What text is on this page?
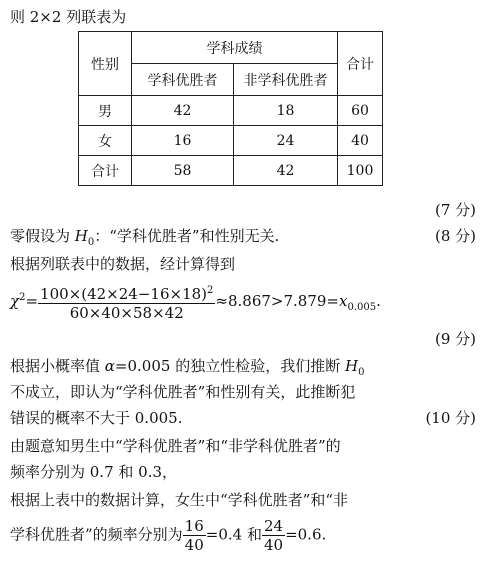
则 2×2 列联表为
性别	学科成绩		合计
	学科优胜者	非学科优胜者	
男	42	18	60
女	16	24	40
合计	58	42	100
(7 分)
零假设为 $H_0$：“学科优胜者”和性别无关.	(8 分)
根据列联表中的数据，经计算得到
$\chi^2= \frac{100\times(42\times 24-16\times 18)^2}{60\times 40\times 58\times 42} \approx 8.867>7.879=x_{0.005}$.
(9 分)
根据小概率值 α=0.005 的独立性检验，我们推断 $H_0$
不成立，即认为“学科优胜者”和性别有关，此推断犯
错误的概率不大于 0.005.	(10 分)
由题意知男生中“学科优胜者”和“非学科优胜者”的
频率分别为 0.7 和 0.3，
根据上表中的数据计算，女生中“学科优胜者”和“非
学科优胜者”的频率分别为 $\frac{16}{40} =0.4$ 和 $\frac{24}{40} =0.6$.
